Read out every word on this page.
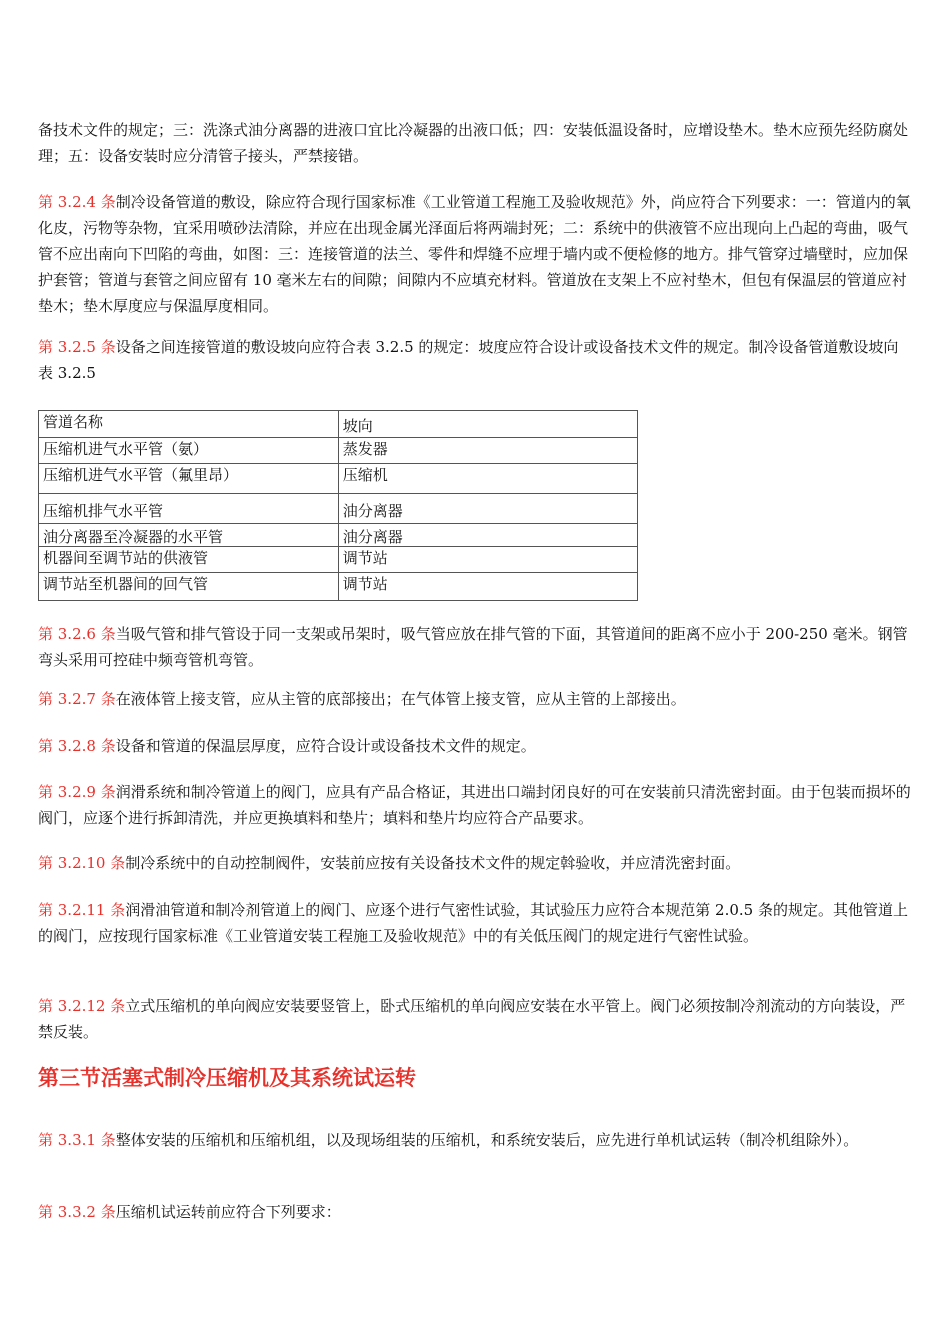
备技术文件的规定；三：洗涤式油分离器的进液口宜比冷凝器的出液口低；四：安装低温设备时，应增设垫木。垫木应预先经防腐处理；五：设备安装时应分清管子接头，严禁接错。

第 3.2.4 条制冷设备管道的敷设，除应符合现行国家标准《工业管道工程施工及验收规范》外，尚应符合下列要求：一：管道内的氧化皮，污物等杂物，宜采用喷砂法清除，并应在出现金属光泽面后将两端封死；二：系统中的供液管不应出现向上凸起的弯曲，吸气管不应出南向下凹陷的弯曲，如图：三：连接管道的法兰、零件和焊缝不应埋于墙内或不便检修的地方。排气管穿过墙壁时，应加保护套管；管道与套管之间应留有 10 毫米左右的间隙；间隙内不应填充材料。管道放在支架上不应衬垫木，但包有保温层的管道应衬垫木；垫木厚度应与保温厚度相同。

第 3.2.5 条设备之间连接管道的敷设坡向应符合表 3.2.5 的规定：坡度应符合设计或设备技术文件的规定。制冷设备管道敷设坡向表 3.2.5

管道名称	坡向
压缩机进气水平管（氨）	蒸发器
压缩机进气水平管（氟里昂）	压缩机
压缩机排气水平管	油分离器
油分离器至冷凝器的水平管	油分离器
机器间至调节站的供液管	调节站
调节站至机器间的回气管	调节站

第 3.2.6 条当吸气管和排气管设于同一支架或吊架时，吸气管应放在排气管的下面，其管道间的距离不应小于 200-250 毫米。钢管弯头采用可控硅中频弯管机弯管。

第 3.2.7 条在液体管上接支管，应从主管的底部接出；在气体管上接支管，应从主管的上部接出。

第 3.2.8 条设备和管道的保温层厚度，应符合设计或设备技术文件的规定。

第 3.2.9 条润滑系统和制冷管道上的阀门，应具有产品合格证，其进出口端封闭良好的可在安装前只清洗密封面。由于包装而损坏的阀门，应逐个进行拆卸清洗，并应更换填料和垫片；填料和垫片均应符合产品要求。

第 3.2.10 条制冷系统中的自动控制阀件，安装前应按有关设备技术文件的规定斡验收，并应清洗密封面。

第 3.2.11 条润滑油管道和制冷剂管道上的阀门、应逐个进行气密性试验，其试验压力应符合本规范第 2.0.5 条的规定。其他管道上的阀门，应按现行国家标准《工业管道安装工程施工及验收规范》中的有关低压阀门的规定进行气密性试验。

第 3.2.12 条立式压缩机的单向阀应安装要竖管上，卧式压缩机的单向阀应安装在水平管上。阀门必须按制冷剂流动的方向装设，严禁反装。

第三节活塞式制冷压缩机及其系统试运转

第 3.3.1 条整体安装的压缩机和压缩机组，以及现场组装的压缩机，和系统安装后，应先进行单机试运转（制冷机组除外）。

第 3.3.2 条压缩机试运转前应符合下列要求：
